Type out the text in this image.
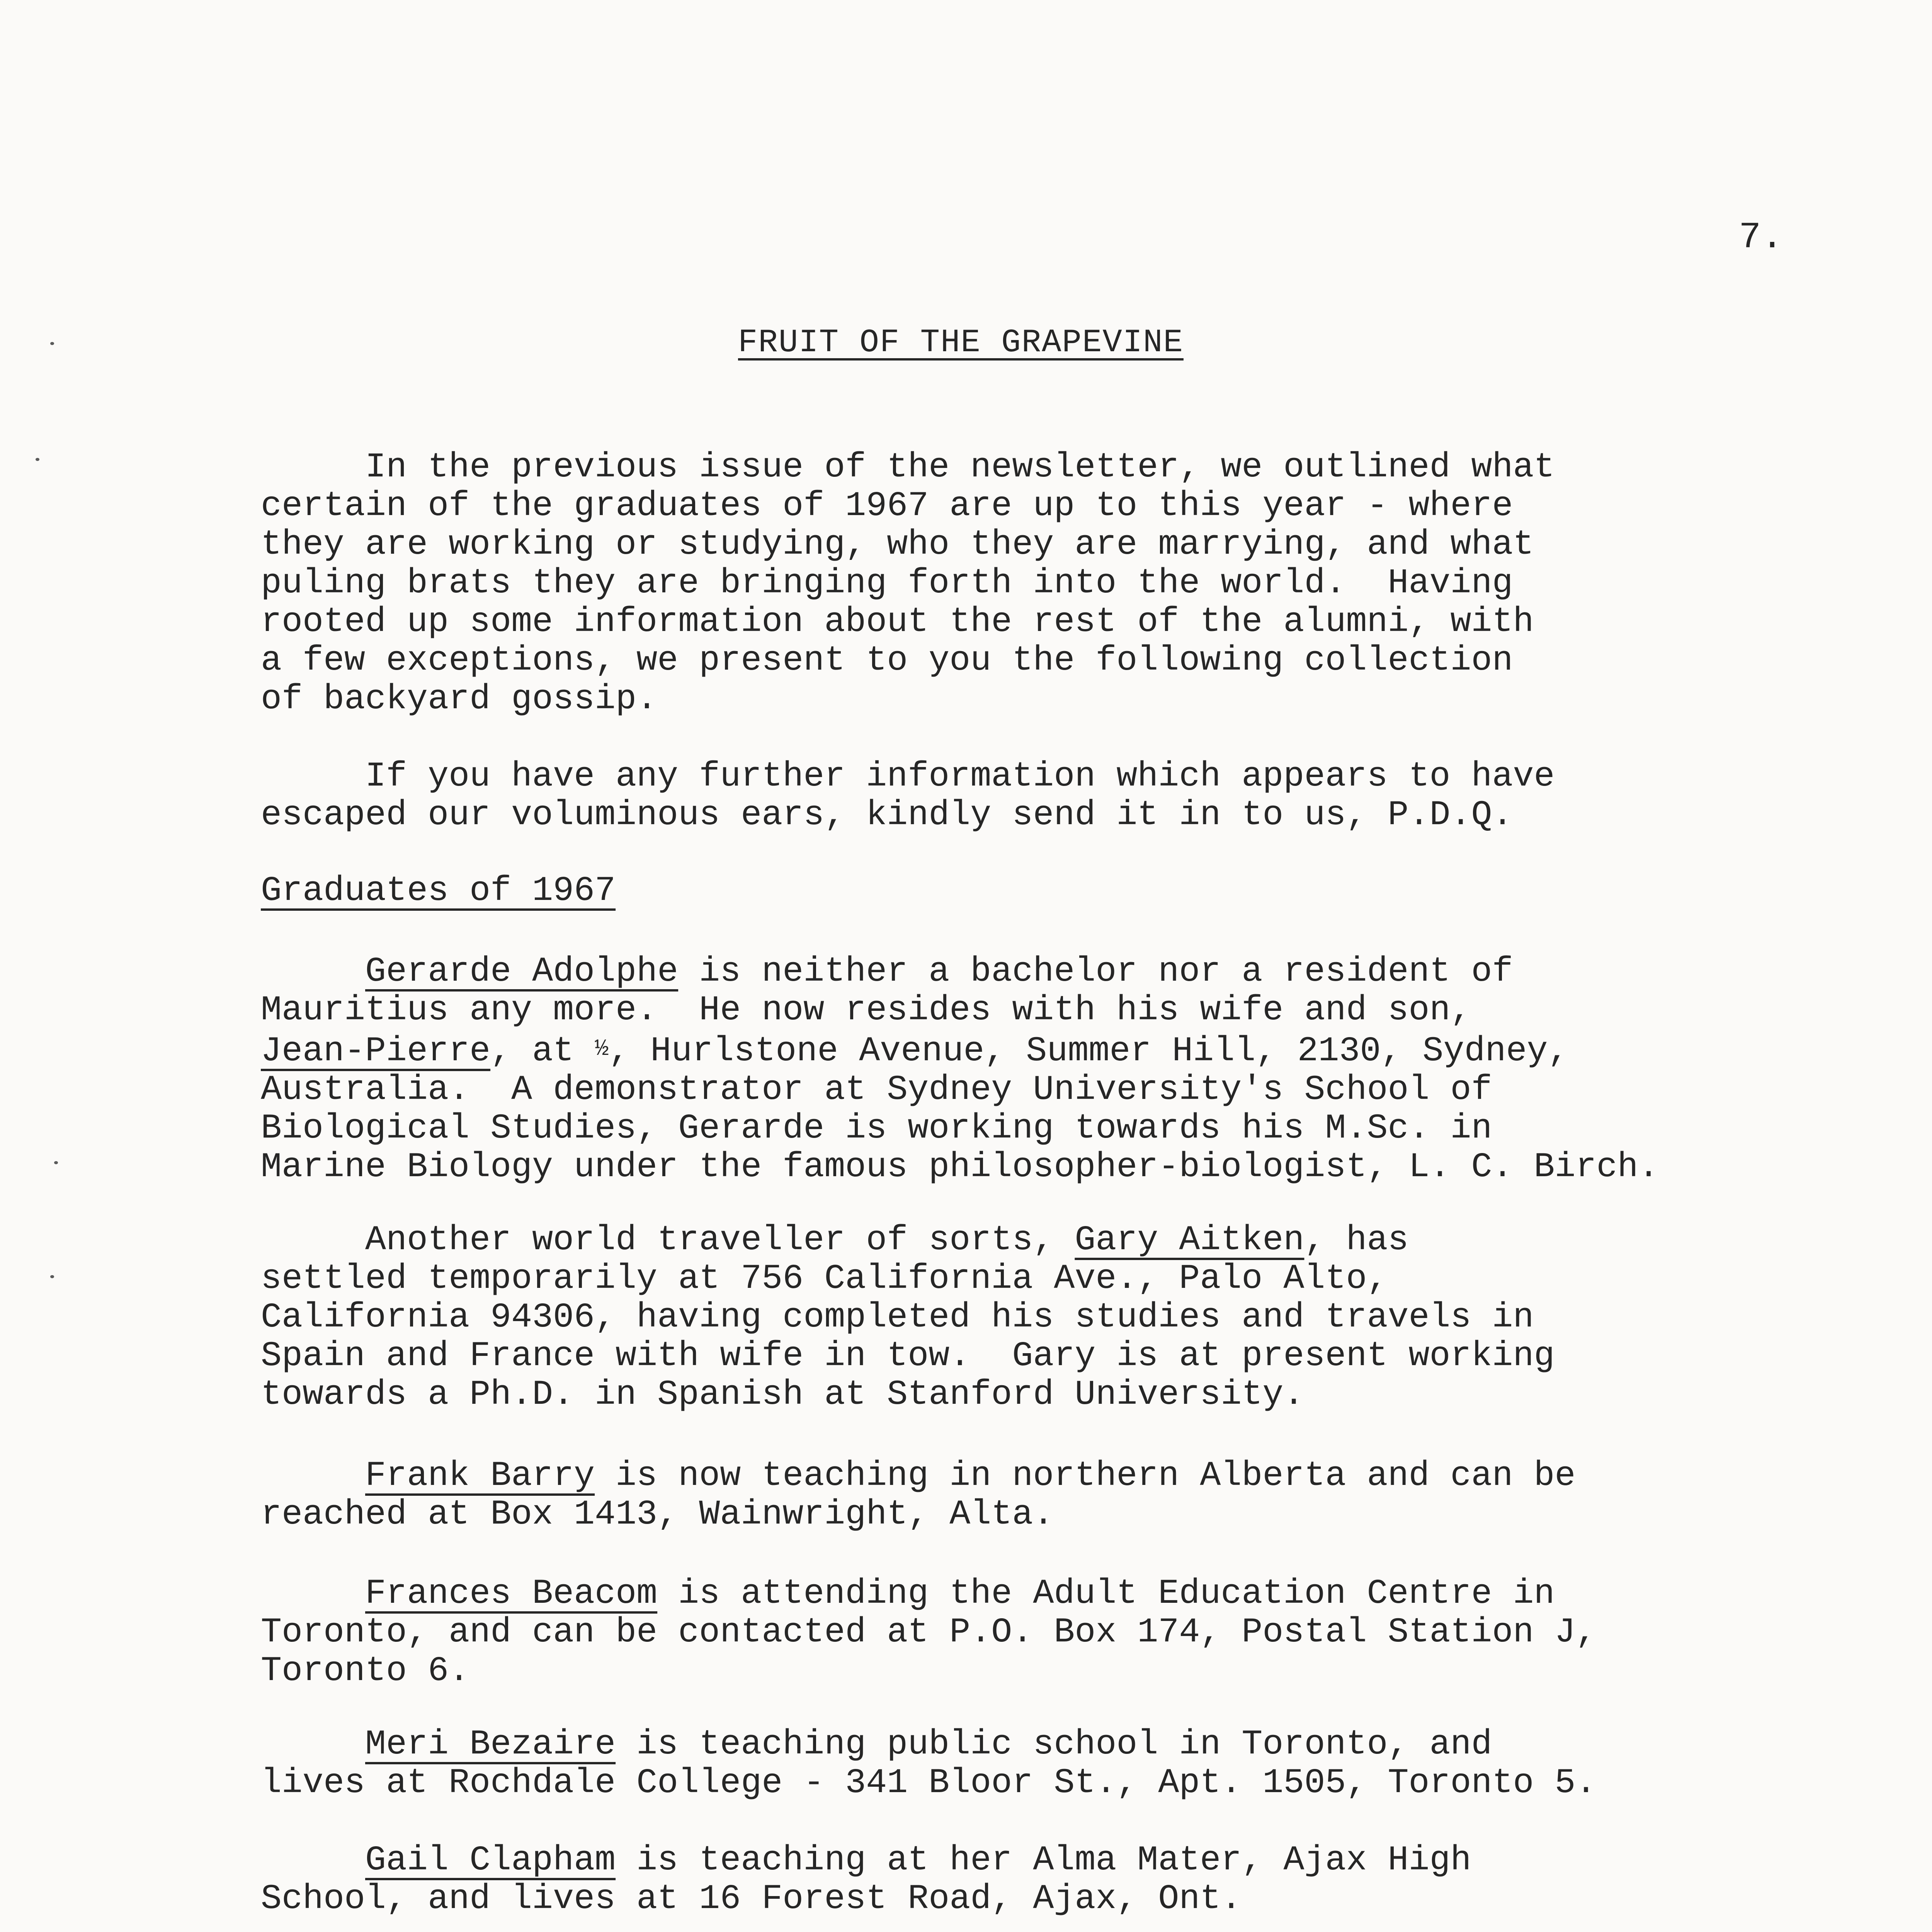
7.
FRUIT OF THE GRAPEVINE
In the previous issue of the newsletter, we outlined what
certain of the graduates of 1967 are up to this year - where
they are working or studying, who they are marrying, and what
puling brats they are bringing forth into the world.  Having
rooted up some information about the rest of the alumni, with
a few exceptions, we present to you the following collection
of backyard gossip.
If you have any further information which appears to have
escaped our voluminous ears, kindly send it in to us, P.D.Q.
Graduates of 1967
Gerarde Adolphe is neither a bachelor nor a resident of
Mauritius any more.  He now resides with his wife and son,
Jean-Pierre, at ½, Hurlstone Avenue, Summer Hill, 2130, Sydney,
Australia.  A demonstrator at Sydney University's School of
Biological Studies, Gerarde is working towards his M.Sc. in
Marine Biology under the famous philosopher-biologist, L. C. Birch.
Another world traveller of sorts, Gary Aitken, has
settled temporarily at 756 California Ave., Palo Alto,
California 94306, having completed his studies and travels in
Spain and France with wife in tow.  Gary is at present working
towards a Ph.D. in Spanish at Stanford University.
Frank Barry is now teaching in northern Alberta and can be
reached at Box 1413, Wainwright, Alta.
Frances Beacom is attending the Adult Education Centre in
Toronto, and can be contacted at P.O. Box 174, Postal Station J,
Toronto 6.
Meri Bezaire is teaching public school in Toronto, and
lives at Rochdale College - 341 Bloor St., Apt. 1505, Toronto 5.
Gail Clapham is teaching at her Alma Mater, Ajax High
School, and lives at 16 Forest Road, Ajax, Ont.
